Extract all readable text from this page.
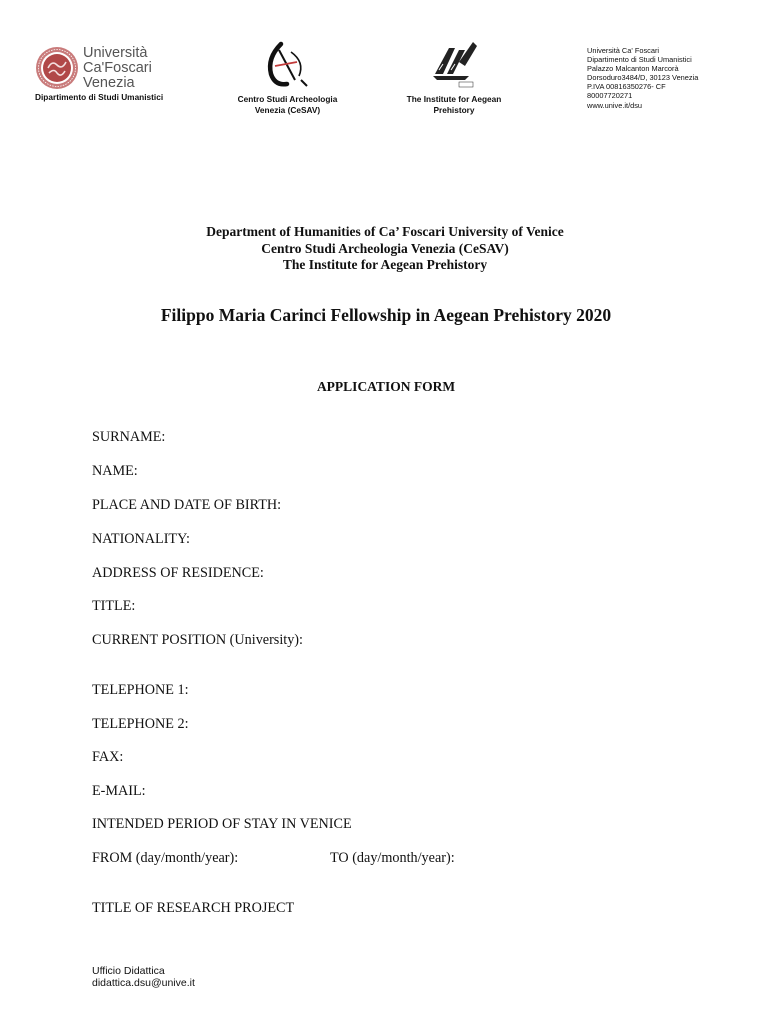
Università
Ca'Foscari
Venezia
Dipartimento di Studi Umanistici	Centro Studi Archeologia
Venezia (CeSAV)
The Institute for Aegean
Prehistory
Università Ca' Foscari
Dipartimento di Studi Umanistici
Palazzo Malcanton Marcorà
Dorsoduro3484/D, 30123 Venezia
P.IVA 00816350276- CF
80007720271
www.unive.it/dsu
Department of Humanities of Ca’ Foscari University of Venice
Centro Studi Archeologia Venezia (CeSAV)
The Institute for Aegean Prehistory
Filippo Maria Carinci Fellowship in Aegean Prehistory 2020
APPLICATION FORM
SURNAME:
NAME:
PLACE AND DATE OF BIRTH:
NATIONALITY:
ADDRESS OF RESIDENCE:
TITLE:
CURRENT POSITION (University):
TELEPHONE 1:
TELEPHONE 2:
FAX:
E-MAIL:
INTENDED PERIOD OF STAY IN VENICE
FROM (day/month/year):	TO (day/month/year):
TITLE OF RESEARCH PROJECT
Ufficio Didattica
didattica.dsu@unive.it
